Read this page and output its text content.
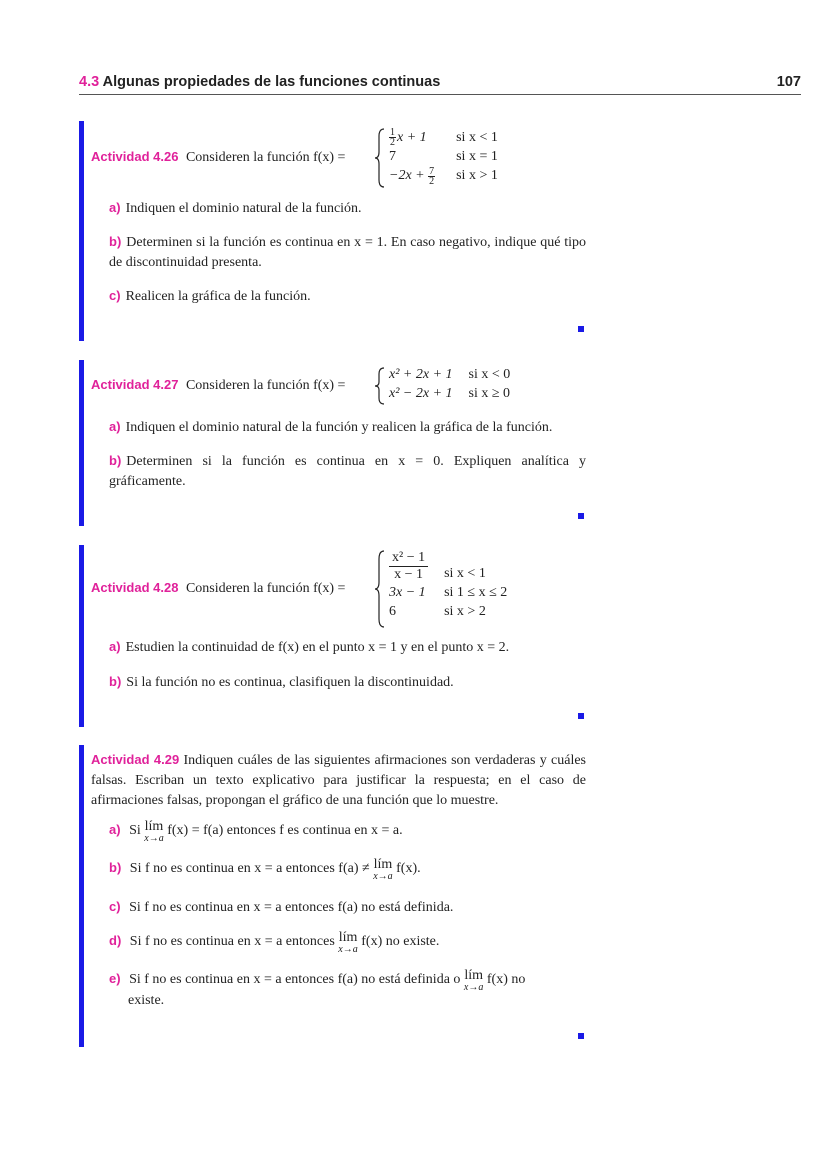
4.3 Algunas propiedades de las funciones continuas	107
Actividad 4.26 Consideren la función f(x) =
$\frac{1}{2}$ x + 1	si x < 1
7	si x = 1
$-2x + \frac{7}{2}$	si x > 1
a) Indiquen el dominio natural de la función.
b) Determinen si la función es continua en x = 1. En caso negativo, indique qué tipo de discontinuidad presenta.
c) Realicen la gráfica de la función.
Actividad 4.27 Consideren la función f(x) =
x² + 2x + 1	si x < 0
x² − 2x + 1	si x ≥ 0
a) Indiquen el dominio natural de la función y realicen la gráfica de la función.
b) Determinen si la función es continua en x = 0. Expliquen analítica y gráficamente.
Actividad 4.28 Consideren la función f(x) =
$\frac{\text{x² − 1}}{x - 1}$	si x < 1
3x − 1	si 1 ≤ x ≤ 2
6	si x > 2
a) Estudien la continuidad de f(x) en el punto x = 1 y en el punto x = 2.
b) Si la función no es continua, clasifiquen la discontinuidad.
Actividad 4.29 Indiquen cuáles de las siguientes afirmaciones son verdaderas y cuáles falsas. Escriban un texto explicativo para justificar la respuesta; en el caso de afirmaciones falsas, propongan el gráfico de una función que lo muestre.
a) Si lím
x→a
f(x) = f(a) entonces f es continua en x = a.
b) Si f no es continua en x = a entonces f(a) ≠ lím
x→a
f(x).
c) Si f no es continua en x = a entonces f(a) no está definida.
d) Si f no es continua en x = a entonces lím
x→a
f(x) no existe.
e) Si f no es continua en x = a entonces f(a) no está definida o lím
x→a
f(x) no
existe.
